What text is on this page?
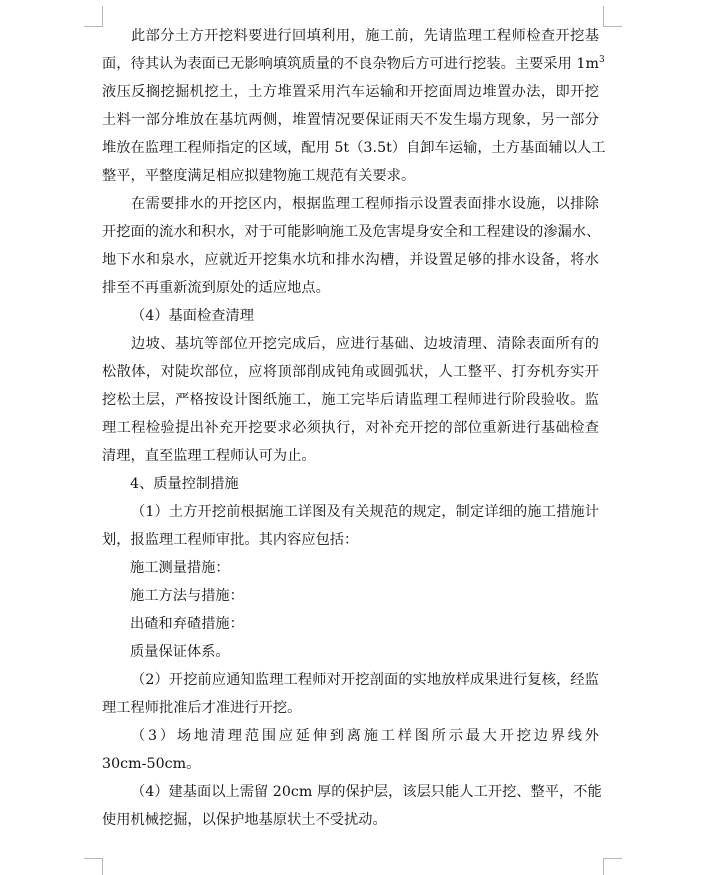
此部分土方开挖料要进行回填利用，施工前，先请监理工程师检查开挖基
面，待其认为表面已无影响填筑质量的不良杂物后方可进行挖装。主要采用 $1m^3$
液压反搁挖掘机挖土，土方堆置采用汽车运输和开挖面周边堆置办法，即开挖
土料一部分堆放在基坑两侧，堆置情况要保证雨天不发生塌方现象，另一部分
堆放在监理工程师指定的区域，配用 5t（3.5t）自卸车运输，土方基面辅以人工
整平，平整度满足相应拟建物施工规范有关要求。
在需要排水的开挖区内，根据监理工程师指示设置表面排水设施，以排除
开挖面的流水和积水，对于可能影响施工及危害堤身安全和工程建设的渗漏水、
地下水和泉水，应就近开挖集水坑和排水沟槽，并设置足够的排水设备，将水
排至不再重新流到原处的适应地点。
（4）基面检查清理
边坡、基坑等部位开挖完成后，应进行基础、边坡清理、清除表面所有的
松散体，对陡坎部位，应将顶部削成钝角或圆弧状，人工整平、打夯机夯实开
挖松土层，严格按设计图纸施工，施工完毕后请监理工程师进行阶段验收。监
理工程检验提出补充开挖要求必须执行，对补充开挖的部位重新进行基础检查
清理，直至监理工程师认可为止。
4、质量控制措施
（1）土方开挖前根据施工详图及有关规范的规定，制定详细的施工措施计
划，报监理工程师审批。其内容应包括：
施工测量措施：
施工方法与措施：
出碴和弃碴措施：
质量保证体系。
（2）开挖前应通知监理工程师对开挖剖面的实地放样成果进行复核，经监
理工程师批准后才准进行开挖。
（3）场地清理范围应延伸到离施工样图所示最大开挖边界线外
30cm-50cm。
（4）建基面以上需留 20cm 厚的保护层，该层只能人工开挖、整平，不能
使用机械挖掘，以保护地基原状土不受扰动。
